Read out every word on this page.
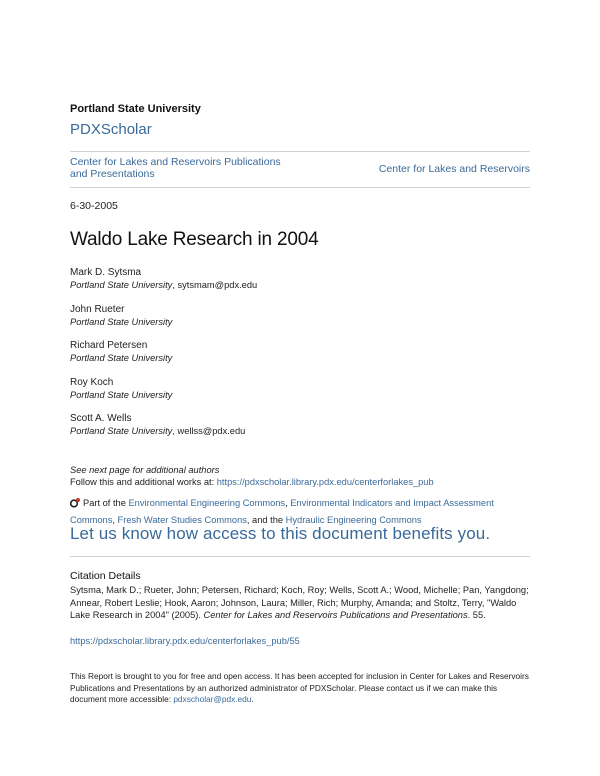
Portland State University
PDXScholar
Center for Lakes and Reservoirs Publications and Presentations	Center for Lakes and Reservoirs
6-30-2005
Waldo Lake Research in 2004
Mark D. Sytsma
Portland State University, sytsmam@pdx.edu
John Rueter
Portland State University
Richard Petersen
Portland State University
Roy Koch
Portland State University
Scott A. Wells
Portland State University, wellss@pdx.edu
See next page for additional authors
Follow this and additional works at: https://pdxscholar.library.pdx.edu/centerforlakes_pub
Part of the Environmental Engineering Commons, Environmental Indicators and Impact Assessment Commons, Fresh Water Studies Commons, and the Hydraulic Engineering Commons
Let us know how access to this document benefits you.
Citation Details
Sytsma, Mark D.; Rueter, John; Petersen, Richard; Koch, Roy; Wells, Scott A.; Wood, Michelle; Pan, Yangdong; Annear, Robert Leslie; Hook, Aaron; Johnson, Laura; Miller, Rich; Murphy, Amanda; and Stoltz, Terry, "Waldo Lake Research in 2004" (2005). Center for Lakes and Reservoirs Publications and Presentations. 55.
https://pdxscholar.library.pdx.edu/centerforlakes_pub/55
This Report is brought to you for free and open access. It has been accepted for inclusion in Center for Lakes and Reservoirs Publications and Presentations by an authorized administrator of PDXScholar. Please contact us if we can make this document more accessible: pdxscholar@pdx.edu.
